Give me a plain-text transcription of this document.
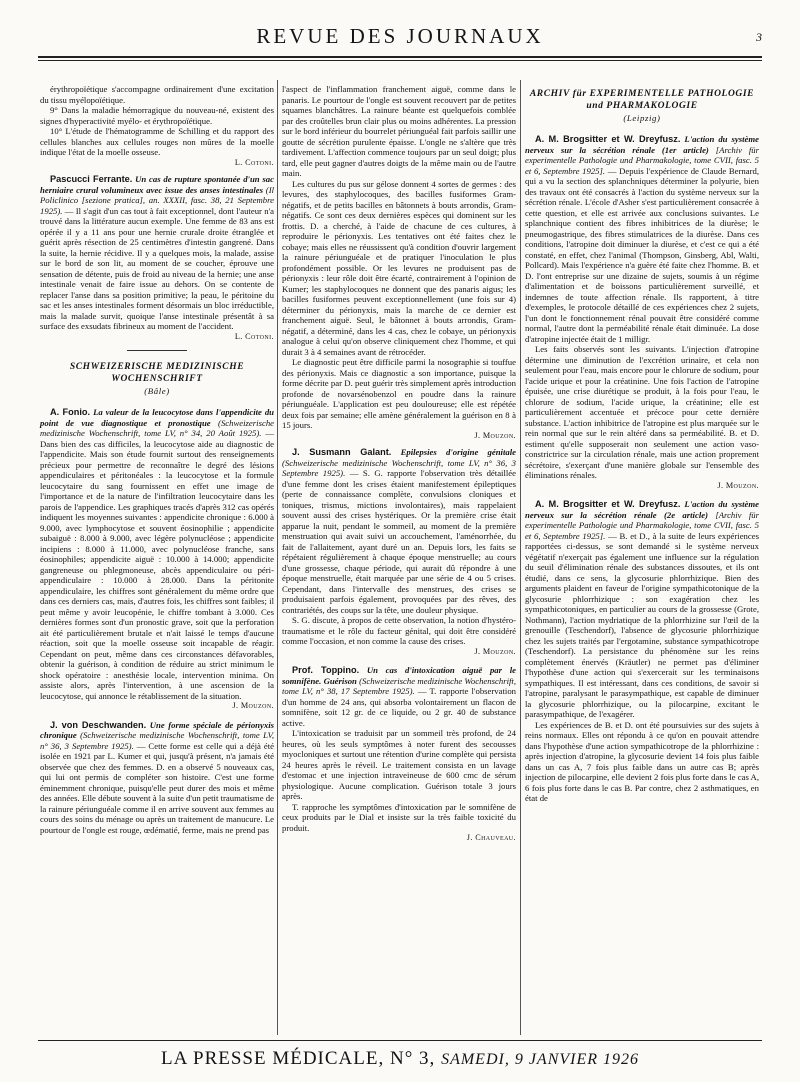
REVUE DES JOURNAUX	3

érythropoïétique s'accompagne ordinairement d'une excitation du tissu myélopoïétique.

9° Dans la maladie hémorragique du nouveau-né, existent des signes d'hyperactivité myélo- et érythropoïétique.

10° L'étude de l'hématogramme de Schilling et du rapport des cellules blanches aux cellules rouges non mûres de la moelle indique l'état de la moelle osseuse.

L. Cotoni.

Pascucci Ferrante. Un cas de rupture spontanée d'un sac herniaire crural volumineux avec issue des anses intestinales (Il Policlinico [sezione pratica], an. XXXII, fasc. 38, 21 Septembre 1925). — Il s'agit d'un cas tout à fait exceptionnel, dont l'auteur n'a trouvé dans la littérature aucun exemple. Une femme de 83 ans est opérée il y a 11 ans pour une hernie crurale droite étranglée et guérit après résection de 25 centimètres d'intestin gangrené. Dans la suite, la hernie récidive. Il y a quelques mois, la malade, assise sur le bord de son lit, au moment de se coucher, éprouve une sensation de détente, puis de froid au niveau de la hernie; une anse intestinale venait de faire issue au dehors. On se contente de replacer l'anse dans sa position primitive; la peau, le péritoine du sac et les anses intestinales forment désormais un bloc irréductible, mais la malade survit, quoique l'anse intestinale présentât à sa surface des exsudats fibrineux au moment de l'accident.

L. Cotoni.

SCHWEIZERISCHE MEDIZINISCHE WOCHENSCHRIFT
(Bâle)

A. Fonio. La valeur de la leucocytose dans l'appendicite du point de vue diagnostique et pronostique (Schweizerische medizinische Wochenschrift, tome LV, n° 34, 20 Août 1925). — Dans bien des cas difficiles, la leucocytose aide au diagnostic de l'appendicite. Mais son étude fournit surtout des renseignements précieux pour permettre de reconnaître le degré des lésions appendiculaires et péritonéales : la leucocytose et la formule leucocytaire du sang fournissent en effet une image de l'importance et de la nature de l'infiltration leucocytaire dans les parois de l'appendice. Les graphiques tracés d'après 312 cas opérés indiquent les moyennes suivantes : appendicite chronique : 6.000 à 9.000, avec lymphocytose et souvent éosinophilie ; appendicite subaiguë : 8.000 à 9.000, avec légère polynucléose ; appendicite incipiens : 8.000 à 11.000, avec polynucléose franche, sans éosinophiles; appendicite aiguë : 10.000 à 14.000; appendicite gangreneuse ou phlegmoneuse, abcès appendiculaire ou péri-appendiculaire : 10.000 à 28.000. Dans la péritonite appendiculaire, les chiffres sont généralement du même ordre que dans ces derniers cas, mais, d'autres fois, les chiffres sont faibles; il peut même y avoir leucopénie, le chiffre tombant à 3.000. Ces dernières formes sont d'un pronostic grave, soit que la perforation ait été particulièrement brutale et n'ait laissé le temps d'aucune réaction, soit que la moelle osseuse soit incapable de réagir. Cependant on peut, même dans ces circonstances défavorables, obtenir la guérison, à condition de réduire au strict minimum le shock opératoire : anesthésie locale, intervention minima. On assiste alors, après l'intervention, à une ascension de la leucocytose, qui annonce le rétablissement de la situation.

J. Mouzon.

J. von Deschwanden. Une forme spéciale de périonyxis chronique (Schweizerische medizinische Wochenschrift, tome LV, n° 36, 3 Septembre 1925). — Cette forme est celle qui a déjà été isolée en 1921 par L. Kumer et qui, jusqu'à présent, n'a jamais été observée que chez des femmes. D. en a observé 5 nouveaux cas, qui lui ont permis de compléter son histoire. C'est une forme éminemment chronique, puisqu'elle peut durer des mois et même des années. Elle débute souvent à la suite d'un petit traumatisme de la rainure périunguéale comme il en arrive souvent aux femmes au cours des soins du ménage ou après un traitement de manucure. Le pourtour de l'ongle est rouge, œdématié, ferme, mais ne prend pas

l'aspect de l'inflammation franchement aiguë, comme dans le panaris. Le pourtour de l'ongle est souvent recouvert par de petites squames blanchâtres. La rainure béante est quelquefois comblée par des croûtelles brun clair plus ou moins adhérentes. La pression sur le bord inférieur du bourrelet périunguéal fait parfois saillir une goutte de sécrétion purulente épaisse. L'ongle ne s'altère que très tardivement. L'affection commence toujours par un seul doigt; plus tard, elle peut gagner d'autres doigts de la même main ou de l'autre main.

Les cultures du pus sur gélose donnent 4 sortes de germes : des levures, des staphylocoques, des bacilles fusiformes Gram-négatifs, et de petits bacilles en bâtonnets à bouts arrondis, Gram-négatifs. Ce sont ces deux dernières espèces qui dominent sur les frottis. D. a cherché, à l'aide de chacune de ces cultures, à reproduire le périonyxis. Les tentatives ont été faites chez le cobaye; mais elles ne réussissent qu'à condition d'ouvrir largement la rainure périunguéale et de pratiquer l'inoculation le plus profondément possible. Or les levures ne produisent pas de périonyxis : leur rôle doit être écarté, contrairement à l'opinion de Kumer; les staphylocoques ne donnent que des panaris aigus; les bacilles fusiformes peuvent exceptionnellement (une fois sur 4) déterminer du périonyxis, mais la marche de ce dernier est franchement aiguë. Seul, le bâtonnet à bouts arrondis, Gram-négatif, a déterminé, dans les 4 cas, chez le cobaye, un périonyxis analogue à celui qu'on observe cliniquement chez l'homme, et qui durait 3 à 4 semaines avant de rétrocéder.

Le diagnostic peut être difficile parmi la nosographie si touffue des périonyxis. Mais ce diagnostic a son importance, puisque la forme décrite par D. peut guérir très simplement après introduction profonde de novarsénobenzol en poudre dans la rainure périunguéale. L'application est peu douloureuse; elle est répétée deux fois par semaine; elle amène généralement la guérison en 8 à 15 jours.

J. Mouzon.

J. Susmann Galant. Epilepsies d'origine génitale (Schweizerische medizinische Wochenschrift, tome LV, n° 36, 3 Septembre 1925). — S. G. rapporte l'observation très détaillée d'une femme dont les crises étaient manifestement épileptiques (perte de connaissance complète, convulsions cloniques et toniques, trismus, mictions involontaires), mais rappelaient souvent aussi des crises hystériques. Or la première crise était apparue la nuit, pendant le sommeil, au moment de la première menstruation qui avait suivi un accouchement, l'aménorrhée, du fait de l'allaitement, ayant duré un an. Depuis lors, les faits se répétaient régulièrement à chaque époque menstruelle; au cours d'une grossesse, chaque période, qui aurait dû répondre à une époque menstruelle, était marquée par une série de 4 ou 5 crises. Cependant, dans l'intervalle des menstrues, des crises se produisaient parfois également, provoquées par des rêves, des contrariétés, des coups sur la tête, une douleur physique.

S. G. discute, à propos de cette observation, la notion d'hystéro-traumatisme et le rôle du facteur génital, qui doit être considéré comme l'occasion, et non comme la cause des crises.

J. Mouzon.

Prof. Toppino. Un cas d'intoxication aiguë par le somnifène. Guérison (Schweizerische medizinische Wochenschrift, tome LV, n° 38, 17 Septembre 1925). — T. rapporte l'observation d'un homme de 24 ans, qui absorba volontairement un flacon de somnifène, soit 12 gr. de ce liquide, ou 2 gr. 40 de substance active.

L'intoxication se traduisit par un sommeil très profond, de 24 heures, où les seuls symptômes à noter furent des secousses myocloniques et surtout une rétention d'urine complète qui persista 24 heures après le réveil. Le traitement consista en un lavage d'estomac et une injection intraveineuse de 600 cmc de sérum physiologique. Aucune complication. Guérison totale 3 jours après.

T. rapproche les symptômes d'intoxication par le somnifène de ceux produits par le Dial et insiste sur la très faible toxicité du produit.

J. Chauveau.

ARCHIV für EXPERIMENTELLE PATHOLOGIE und PHARMAKOLOGIE
(Leipzig)

A. M. Brogsitter et W. Dreyfusz. L'action du système nerveux sur la sécrétion rénale (1er article) [Archiv für experimentelle Pathologie und Pharmakologie, tome CVII, fasc. 5 et 6, Septembre 1925]. — Depuis l'expérience de Claude Bernard, qui a vu la section des splanchniques déterminer la polyurie, bien des travaux ont été consacrés à l'action du système nerveux sur la sécrétion rénale. L'école d'Asher s'est particulièrement consacrée à cette question, et elle est arrivée aux conclusions suivantes. Le splanchnique contient des fibres inhibitrices de la diurèse; le pneumogastrique, des fibres stimulatrices de la diurèse. Dans ces conditions, l'atropine doit diminuer la diurèse, et c'est ce qui a été constaté, en effet, chez l'animal (Thompson, Ginsberg, Abl, Walti, Pollcard). Mais l'expérience n'a guère été faite chez l'homme. B. et D. l'ont entreprise sur une dizaine de sujets, soumis à un régime d'alimentation et de boissons particulièrement surveillé, et indemnes de toute affection rénale. Ils rapportent, à titre d'exemples, le protocole détaillé de ces expériences chez 2 sujets, l'un dont le fonctionnement rénal pouvait être considéré comme normal, l'autre dont la perméabilité rénale était diminuée. La dose d'atropine injectée était de 1 milligr.

Les faits observés sont les suivants. L'injection d'atropine détermine une diminution de l'excrétion urinaire, et cela non seulement pour l'eau, mais encore pour le chlorure de sodium, pour l'acide urique et pour la créatinine. Une fois l'action de l'atropine épuisée, une crise diurétique se produit, à la fois pour l'eau, le chlorure de sodium, l'acide urique, la créatinine; elle est particulièrement accentuée et précoce pour cette dernière substance. L'action inhibitrice de l'atropine est plus marquée sur le rein normal que sur le rein altéré dans sa perméabilité. B. et D. estiment qu'elle supposerait non seulement une action vaso-constrictrice sur la circulation rénale, mais une action proprement sécrétoire, s'exerçant d'une manière globale sur l'ensemble des éliminations rénales.

J. Mouzon.

A. M. Brogsitter et W. Dreyfusz. L'action du système nerveux sur la sécrétion rénale (2e article) [Archiv für experimentelle Pathologie und Pharmakologie, tome CVII, fasc. 5 et 6, Septembre 1925]. — B. et D., à la suite de leurs expériences rapportées ci-dessus, se sont demandé si le système nerveux végétatif n'exerçait pas également une influence sur la régulation du seuil d'élimination rénale des substances dissoutes, et ils ont étudié, dans ce sens, la glycosurie phlorrhizique. Bien des arguments plaident en faveur de l'origine sympathicotonique de la glycosurie phlorrhizique : son exagération chez les sympathicotoniques, en particulier au cours de la grossesse (Grote, Nothmann), l'action mydriatique de la phlorrhizine sur l'œil de la grenouille (Teschendorf), l'absence de glycosurie phlorrhizique chez les sujets traités par l'ergotamine, substance sympathicotrope (Teschendorf). La persistance du phénomène sur les reins complètement énervés (Kräutler) ne permet pas d'éliminer l'hypothèse d'une action qui s'exercerait sur les terminaisons sympathiques. Il est intéressant, dans ces conditions, de savoir si l'atropine, paralysant le parasympathique, est capable de diminuer la glycosurie phlorrhizique, ou la pilocarpine, excitant le parasympathique, de l'exagérer.

Les expériences de B. et D. ont été poursuivies sur des sujets à reins normaux. Elles ont répondu à ce qu'on en pouvait attendre dans l'hypothèse d'une action sympathicotrope de la phlorrhizine : après injection d'atropine, la glycosurie devient 14 fois plus faible dans un cas A, 7 fois plus faible dans un autre cas B; après injection de pilocarpine, elle devient 2 fois plus forte dans le cas A, 6 fois plus forte dans le cas B. Par contre, chez 2 asthmatiques, en état de

LA PRESSE MÉDICALE, N° 3, SAMEDI, 9 JANVIER 1926
